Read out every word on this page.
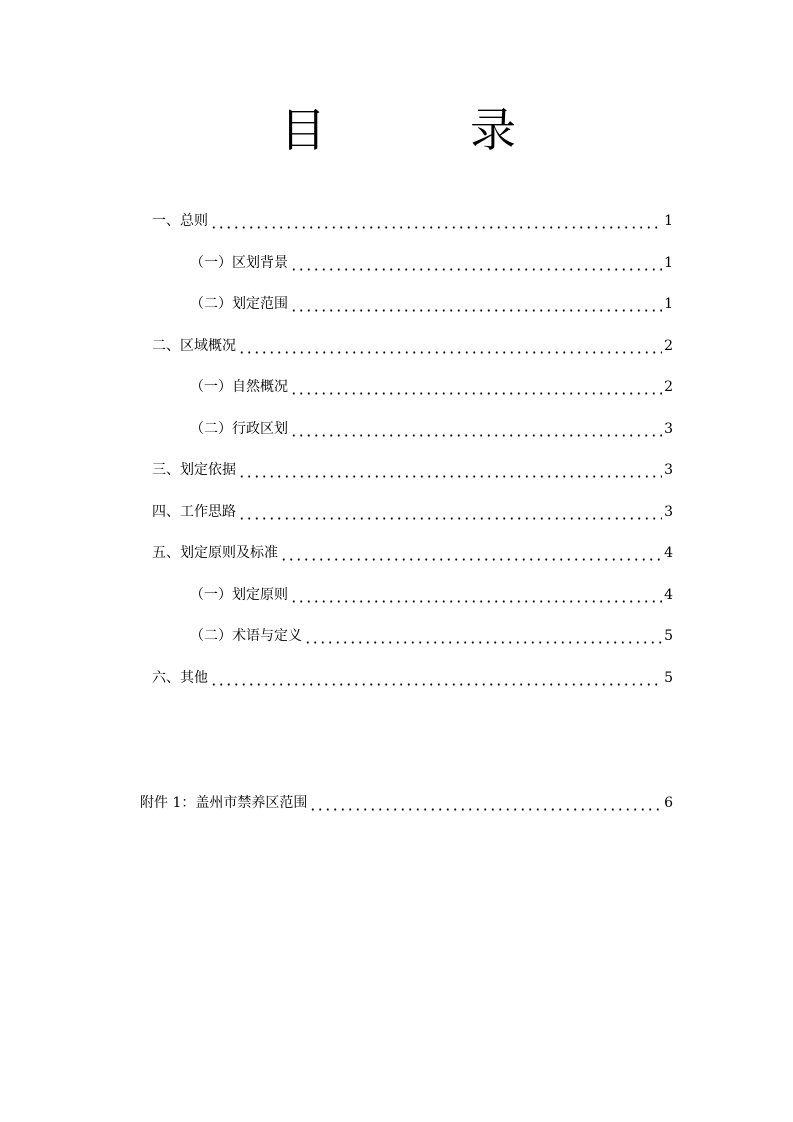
目	录
一、总则	1
（一）区划背景	1
（二）划定范围	1
二、区域概况	2
（一）自然概况	2
（二）行政区划	3
三、划定依据	3
四、工作思路	3
五、划定原则及标准	4
（一）划定原则	4
（二）术语与定义	5
六、其他	5
附件 1：盖州市禁养区范围	6
